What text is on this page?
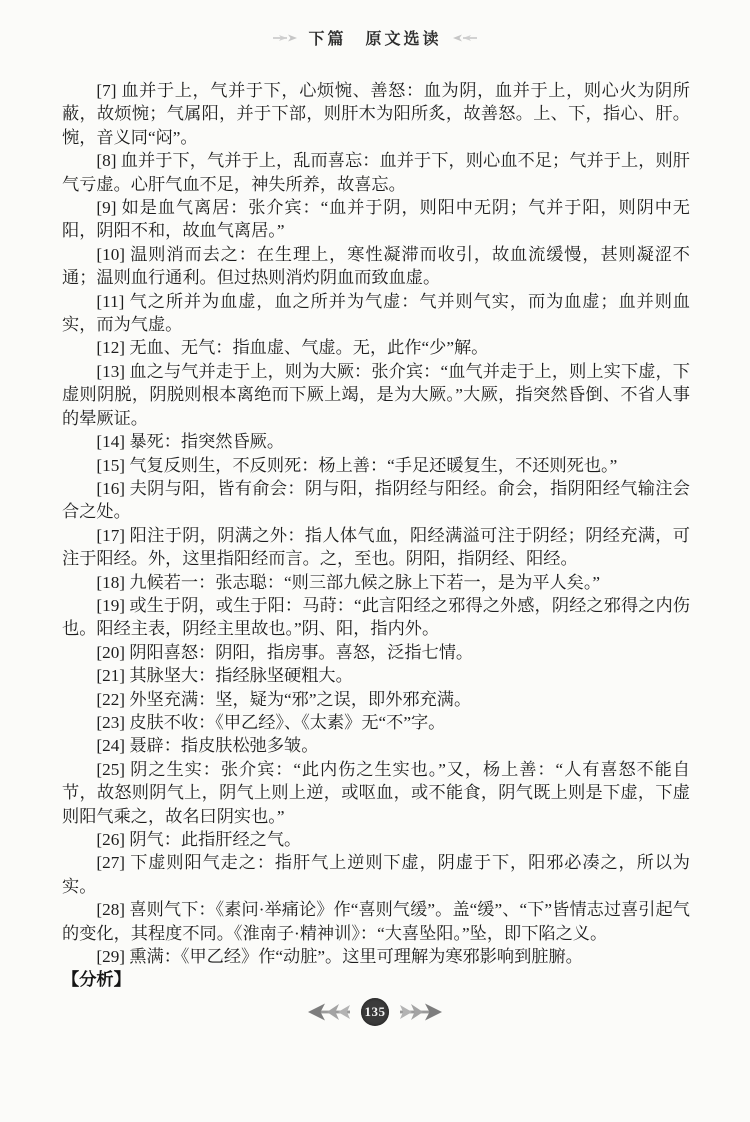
下篇　原文选读

[7] 血并于上，气并于下，心烦惋、善怒：血为阴，血并于上，则心火为阴所蔽，故烦惋；气属阳，并于下部，则肝木为阳所炙，故善怒。上、下，指心、肝。惋，音义同“闷”。

[8] 血并于下，气并于上，乱而喜忘：血并于下，则心血不足；气并于上，则肝气亏虚。心肝气血不足，神失所养，故喜忘。

[9] 如是血气离居：张介宾：“血并于阴，则阳中无阴；气并于阳，则阴中无阳，阴阳不和，故血气离居。”

[10] 温则消而去之：在生理上，寒性凝滞而收引，故血流缓慢，甚则凝涩不通；温则血行通利。但过热则消灼阴血而致血虚。

[11] 气之所并为血虚，血之所并为气虚：气并则气实，而为血虚；血并则血实，而为气虚。

[12] 无血、无气：指血虚、气虚。无，此作“少”解。

[13] 血之与气并走于上，则为大厥：张介宾：“血气并走于上，则上实下虚，下虚则阴脱，阴脱则根本离绝而下厥上竭，是为大厥。”大厥，指突然昏倒、不省人事的晕厥证。

[14] 暴死：指突然昏厥。

[15] 气复反则生，不反则死：杨上善：“手足还暖复生，不还则死也。”

[16] 夫阴与阳，皆有俞会：阴与阳，指阴经与阳经。俞会，指阴阳经气输注会合之处。

[17] 阳注于阴，阴满之外：指人体气血，阳经满溢可注于阴经；阴经充满，可注于阳经。外，这里指阳经而言。之，至也。阴阳，指阴经、阳经。

[18] 九候若一：张志聪：“则三部九候之脉上下若一，是为平人矣。”

[19] 或生于阴，或生于阳：马莳：“此言阳经之邪得之外感，阴经之邪得之内伤也。阳经主表，阴经主里故也。”阴、阳，指内外。

[20] 阴阳喜怒：阴阳，指房事。喜怒，泛指七情。

[21] 其脉坚大：指经脉坚硬粗大。

[22] 外坚充满：坚，疑为“邪”之误，即外邪充满。

[23] 皮肤不收：《甲乙经》、《太素》无“不”字。

[24] 聂辟：指皮肤松弛多皱。

[25] 阴之生实：张介宾：“此内伤之生实也。”又，杨上善：“人有喜怒不能自节，故怒则阴气上，阴气上则上逆，或呕血，或不能食，阴气既上则是下虚，下虚则阳气乘之，故名曰阴实也。”

[26] 阴气：此指肝经之气。

[27] 下虚则阳气走之：指肝气上逆则下虚，阴虚于下，阳邪必凑之，所以为实。

[28] 喜则气下：《素问·举痛论》作“喜则气缓”。盖“缓”、“下”皆情志过喜引起气的变化，其程度不同。《淮南子·精神训》：“大喜坠阳。”坠，即下陷之义。

[29] 熏满：《甲乙经》作“动脏”。这里可理解为寒邪影响到脏腑。

【分析】

135
